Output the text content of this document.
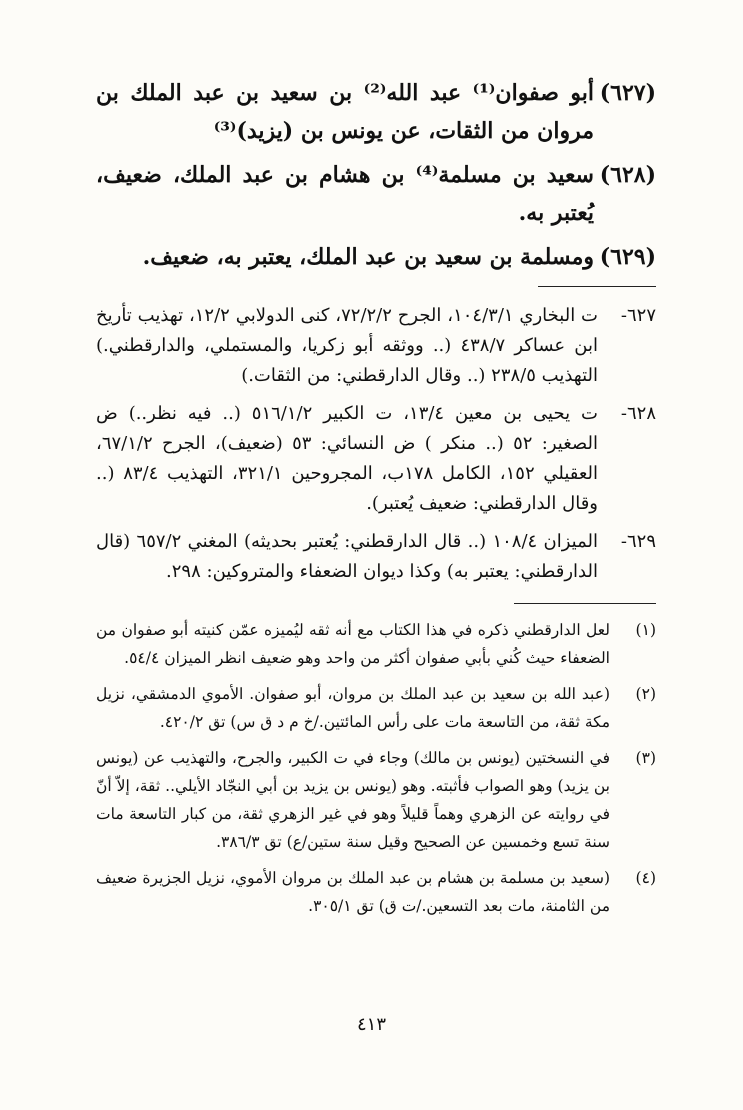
(٦٢٧)
أبو صفوان⁽¹⁾ عبد الله⁽²⁾ بن سعيد بن عبد الملك بن مروان من الثقات، عن يونس بن (يزيد)⁽³⁾
(٦٢٨)
سعيد بن مسلمة⁽⁴⁾ بن هشام بن عبد الملك، ضعيف، يُعتبر به.
(٦٢٩)
ومسلمة بن سعيد بن عبد الملك، يعتبر به، ضعيف.
٦٢٧-
ت البخاري ١٠٤/٣/١، الجرح ٧٢/٢/٢، كنى الدولابي ١٢/٢، تهذيب تأريخ ابن عساكر ٤٣٨/٧ (.. ووثقه أبو زكريا، والمستملي، والدارقطني.) التهذيب ٢٣٨/٥ (.. وقال الدارقطني: من الثقات.)
٦٢٨-
ت يحيى بن معين ١٣/٤، ت الكبير ٥١٦/١/٢ (.. فيه نظر..) ض الصغير: ٥٢ (.. منكر ) ض النسائي: ٥٣ (ضعيف)، الجرح ٦٧/١/٢، العقيلي ١٥٢، الكامل ١٧٨ب، المجروحين ٣٢١/١، التهذيب ٨٣/٤ (.. وقال الدارقطني: ضعيف يُعتبر).
٦٢٩-
الميزان ١٠٨/٤ (.. قال الدارقطني: يُعتبر بحديثه) المغني ٦٥٧/٢ (قال الدارقطني: يعتبر به) وكذا ديوان الضعفاء والمتروكين: ٢٩٨.
(١)
لعل الدارقطني ذكره في هذا الكتاب مع أنه ثقه ليُميزه عمّن كنيته أبو صفوان من الضعفاء حيث كُني بأبي صفوان أكثر من واحد وهو ضعيف انظر الميزان ٥٤/٤.
(٢)
(عبد الله بن سعيد بن عبد الملك بن مروان، أبو صفوان. الأموي الدمشقي، نزيل مكة ثقة، من التاسعة مات على رأس المائتين./خ م د ق س) تق ٤٢٠/٢.
(٣)
في النسختين (يونس بن مالك) وجاء في ت الكبير، والجرح، والتهذيب عن (يونس بن يزيد) وهو الصواب فأثبته. وهو (يونس بن يزيد بن أبي النجّاد الأيلي.. ثقة، إلاّ أنّ في روايته عن الزهري وهماً قليلاً وهو في غير الزهري ثقة، من كبار التاسعة مات سنة تسع وخمسين عن الصحيح وقيل سنة ستين/ع) تق ٣٨٦/٣.
(٤)
(سعيد بن مسلمة بن هشام بن عبد الملك بن مروان الأموي، نزيل الجزيرة ضعيف من الثامنة، مات بعد التسعين./ت ق) تق ٣٠٥/١.
٤١٣
